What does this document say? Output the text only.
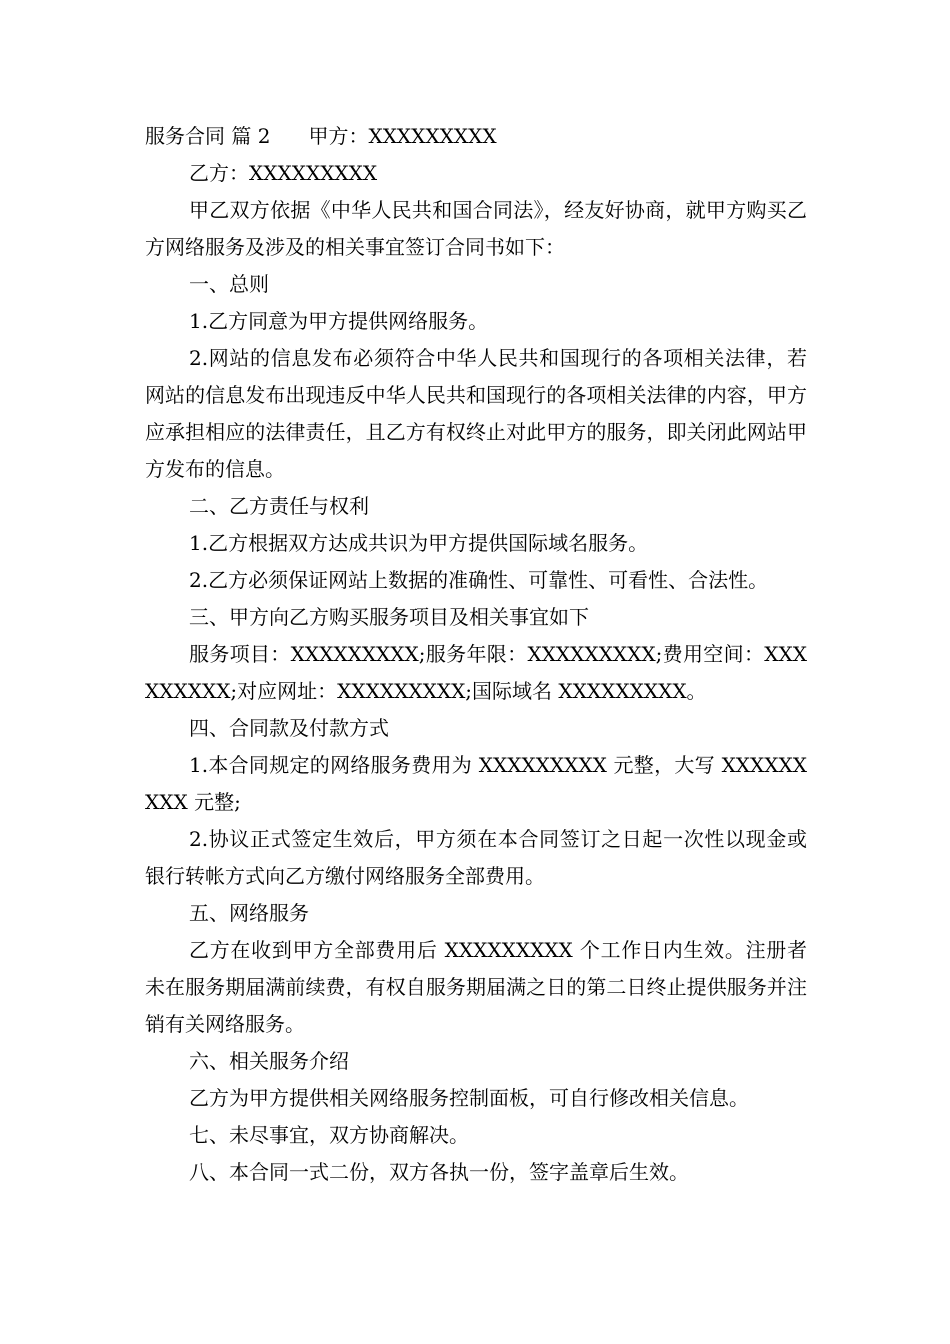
服务合同 篇 2 甲方：XXXXXXXXX

乙方：XXXXXXXXX

甲乙双方依据《中华人民共和国合同法》，经友好协商，就甲方购买乙方网络服务及涉及的相关事宜签订合同书如下：

一、总则

1.乙方同意为甲方提供网络服务。

2.网站的信息发布必须符合中华人民共和国现行的各项相关法律，若网站的信息发布出现违反中华人民共和国现行的各项相关法律的内容，甲方应承担相应的法律责任，且乙方有权终止对此甲方的服务，即关闭此网站甲方发布的信息。

二、乙方责任与权利

1.乙方根据双方达成共识为甲方提供国际域名服务。

2.乙方必须保证网站上数据的准确性、可靠性、可看性、合法性。

三、甲方向乙方购买服务项目及相关事宜如下

服务项目：XXXXXXXXX;服务年限：XXXXXXXXX;费用空间：XXXXXXXXX;对应网址：XXXXXXXXX;国际域名 XXXXXXXXX。

四、合同款及付款方式

1.本合同规定的网络服务费用为 XXXXXXXXX 元整，大写 XXXXXXXXX 元整;

2.协议正式签定生效后，甲方须在本合同签订之日起一次性以现金或银行转帐方式向乙方缴付网络服务全部费用。

五、网络服务

乙方在收到甲方全部费用后 XXXXXXXXX 个工作日内生效。注册者未在服务期届满前续费，有权自服务期届满之日的第二日终止提供服务并注销有关网络服务。

六、相关服务介绍

乙方为甲方提供相关网络服务控制面板，可自行修改相关信息。

七、未尽事宜，双方协商解决。

八、本合同一式二份，双方各执一份，签字盖章后生效。
